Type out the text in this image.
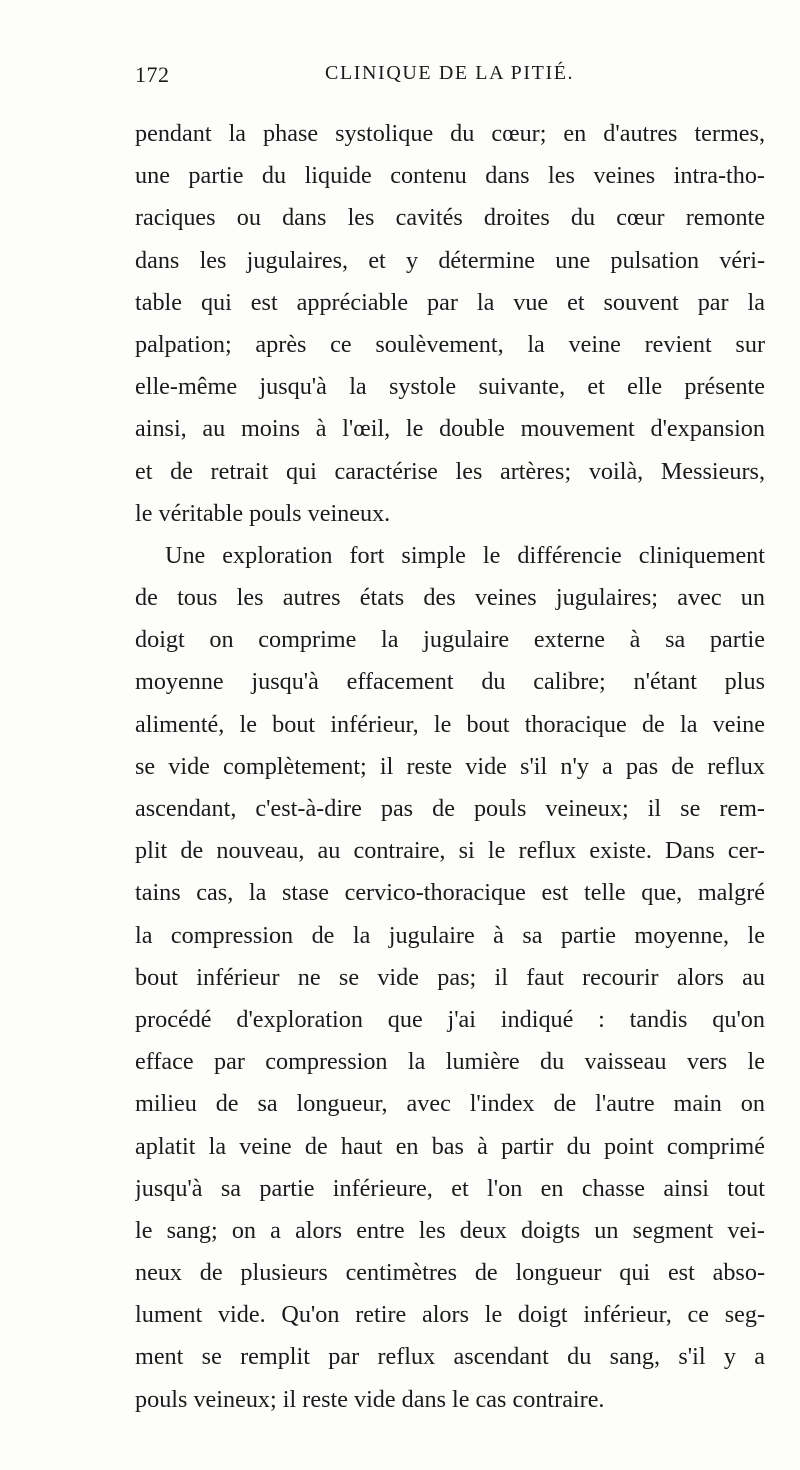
172	CLINIQUE DE LA PITIÉ.
pendant la phase systolique du cœur; en d'autres termes,
une partie du liquide contenu dans les veines intra-tho-
raciques ou dans les cavités droites du cœur remonte
dans les jugulaires, et y détermine une pulsation véri-
table qui est appréciable par la vue et souvent par la
palpation; après ce soulèvement, la veine revient sur
elle-même jusqu'à la systole suivante, et elle présente
ainsi, au moins à l'œil, le double mouvement d'expansion
et de retrait qui caractérise les artères; voilà, Messieurs,
le véritable pouls veineux.
Une exploration fort simple le différencie cliniquement
de tous les autres états des veines jugulaires; avec un
doigt on comprime la jugulaire externe à sa partie
moyenne jusqu'à effacement du calibre; n'étant plus
alimenté, le bout inférieur, le bout thoracique de la veine
se vide complètement; il reste vide s'il n'y a pas de reflux
ascendant, c'est-à-dire pas de pouls veineux; il se rem-
plit de nouveau, au contraire, si le reflux existe. Dans cer-
tains cas, la stase cervico-thoracique est telle que, malgré
la compression de la jugulaire à sa partie moyenne, le
bout inférieur ne se vide pas; il faut recourir alors au
procédé d'exploration que j'ai indiqué : tandis qu'on
efface par compression la lumière du vaisseau vers le
milieu de sa longueur, avec l'index de l'autre main on
aplatit la veine de haut en bas à partir du point comprimé
jusqu'à sa partie inférieure, et l'on en chasse ainsi tout
le sang; on a alors entre les deux doigts un segment vei-
neux de plusieurs centimètres de longueur qui est abso-
lument vide. Qu'on retire alors le doigt inférieur, ce seg-
ment se remplit par reflux ascendant du sang, s'il y a
pouls veineux; il reste vide dans le cas contraire.
